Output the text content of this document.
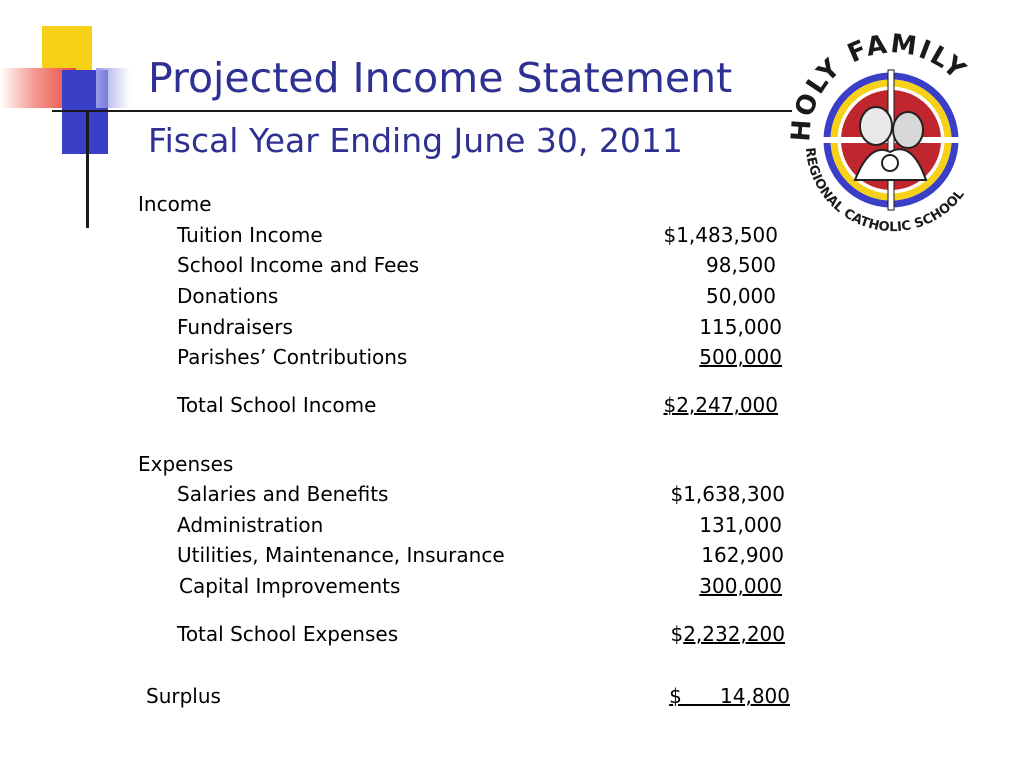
Projected Income Statement
Fiscal Year Ending June 30, 2011	HOLY FAMILY
REGIONAL CATHOLIC SCHOOL
Income
Tuition Income	$1,483,500
School Income and Fees	98,500
Donations	50,000
Fundraisers	115,000
Parishes’ Contributions	500,000
Total School Income	$2,247,000
Expenses
Salaries and Benefits	$1,638,300
Administration	131,000
Utilities, Maintenance, Insurance	162,900
Capital Improvements	300,000
Total School Expenses	$2,232,200
Surplus	$      14,800
